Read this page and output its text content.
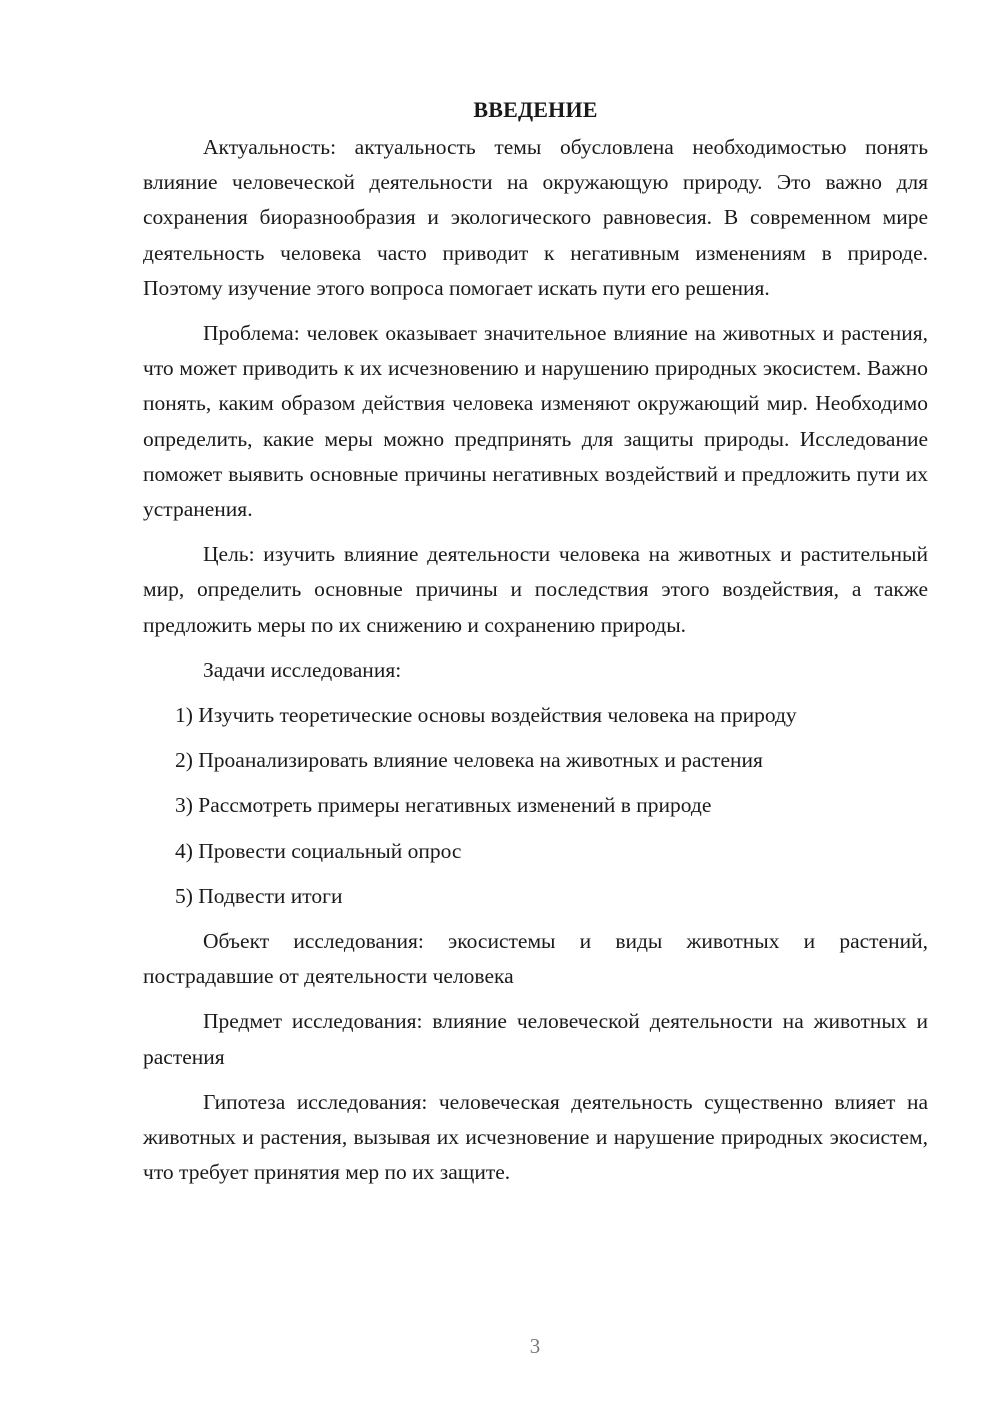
ВВЕДЕНИЕ

Актуальность: актуальность темы обусловлена необходимостью понять влияние человеческой деятельности на окружающую природу. Это важно для сохранения биоразнообразия и экологического равновесия. В современном мире деятельность человека часто приводит к негативным изменениям в природе. Поэтому изучение этого вопроса помогает искать пути его решения.

Проблема: человек оказывает значительное влияние на животных и растения, что может приводить к их исчезновению и нарушению природных экосистем. Важно понять, каким образом действия человека изменяют окружающий мир. Необходимо определить, какие меры можно предпринять для защиты природы. Исследование поможет выявить основные причины негативных воздействий и предложить пути их устранения.

Цель: изучить влияние деятельности человека на животных и растительный мир, определить основные причины и последствия этого воздействия, а также предложить меры по их снижению и сохранению природы.

Задачи исследования:

1) Изучить теоретические основы воздействия человека на природу

2) Проанализировать влияние человека на животных и растения

3) Рассмотреть примеры негативных изменений в природе

4) Провести социальный опрос

5) Подвести итоги

Объект исследования: экосистемы и виды животных и растений, пострадавшие от деятельности человека

Предмет исследования: влияние человеческой деятельности на животных и растения

Гипотеза исследования: человеческая деятельность существенно влияет на животных и растения, вызывая их исчезновение и нарушение природных экосистем, что требует принятия мер по их защите.

3
